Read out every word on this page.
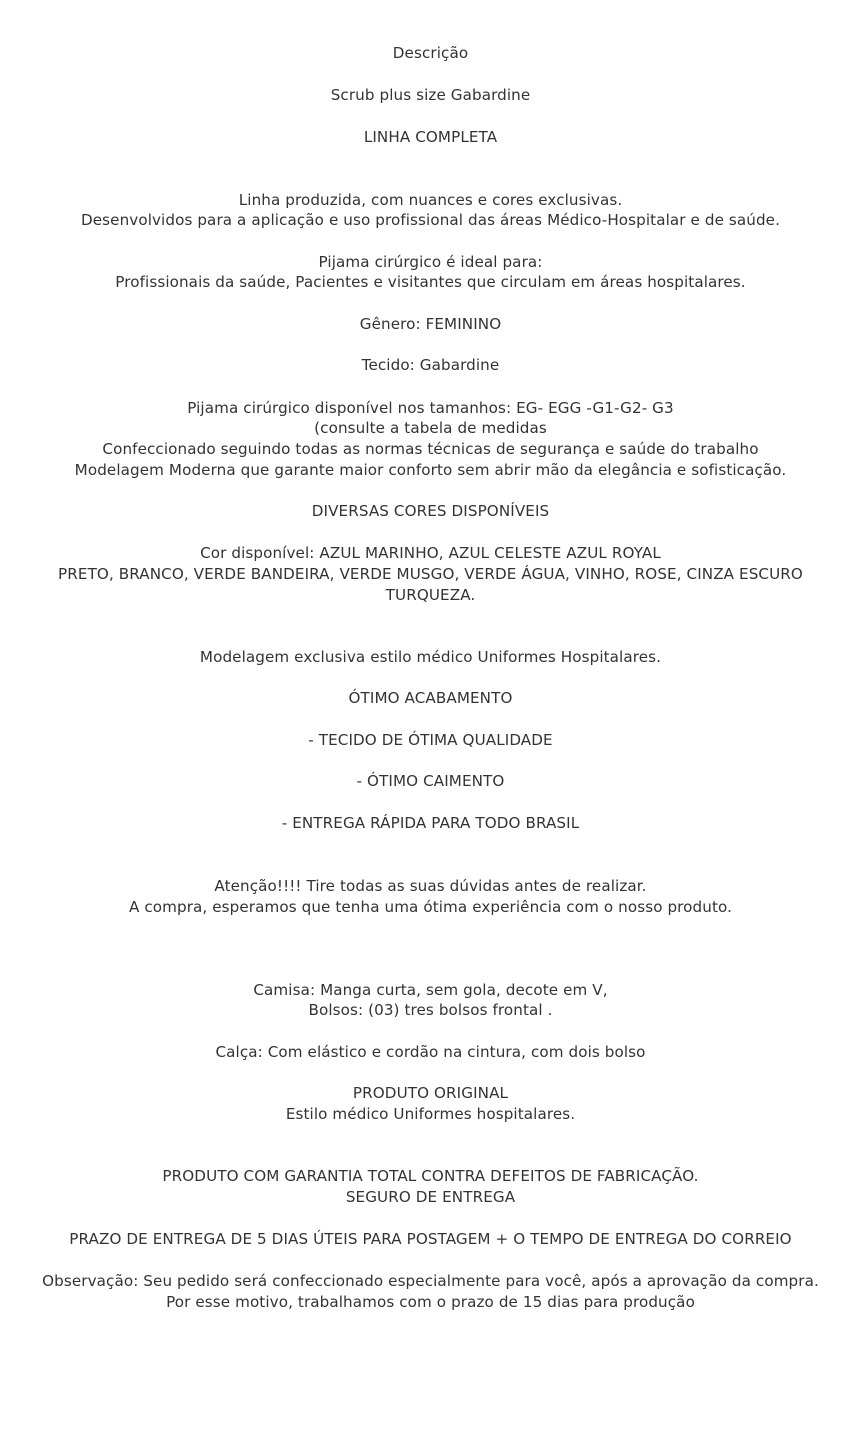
Descrição
Scrub plus size Gabardine
LINHA COMPLETA
Linha produzida, com nuances e cores exclusivas.
Desenvolvidos para a aplicação e uso profissional das áreas Médico-Hospitalar e de saúde.
Pijama cirúrgico é ideal para:
Profissionais da saúde, Pacientes e visitantes que circulam em áreas hospitalares.
Gênero: FEMININO
Tecido: Gabardine
Pijama cirúrgico disponível nos tamanhos: EG- EGG -G1-G2- G3
(consulte a tabela de medidas
Confeccionado seguindo todas as normas técnicas de segurança e saúde do trabalho
Modelagem Moderna que garante maior conforto sem abrir mão da elegância e sofisticação.
DIVERSAS CORES DISPONÍVEIS
Cor disponível: AZUL MARINHO, AZUL CELESTE AZUL ROYAL
PRETO, BRANCO, VERDE BANDEIRA, VERDE MUSGO, VERDE ÁGUA, VINHO, ROSE, CINZA ESCURO
TURQUEZA.
Modelagem exclusiva estilo médico Uniformes Hospitalares.
ÓTIMO ACABAMENTO
- TECIDO DE ÓTIMA QUALIDADE
- ÓTIMO CAIMENTO
- ENTREGA RÁPIDA PARA TODO BRASIL
Atenção!!!! Tire todas as suas dúvidas antes de realizar.
A compra, esperamos que tenha uma ótima experiência com o nosso produto.
Camisa: Manga curta, sem gola, decote em V,
Bolsos: (03) tres bolsos frontal .
Calça: Com elástico e cordão na cintura, com dois bolso
PRODUTO ORIGINAL
Estilo médico Uniformes hospitalares.
PRODUTO COM GARANTIA TOTAL CONTRA DEFEITOS DE FABRICAÇÃO.
SEGURO DE ENTREGA
PRAZO DE ENTREGA DE 5 DIAS ÚTEIS PARA POSTAGEM + O TEMPO DE ENTREGA DO CORREIO
Observação: Seu pedido será confeccionado especialmente para você, após a aprovação da compra.
Por esse motivo, trabalhamos com o prazo de 15 dias para produção
